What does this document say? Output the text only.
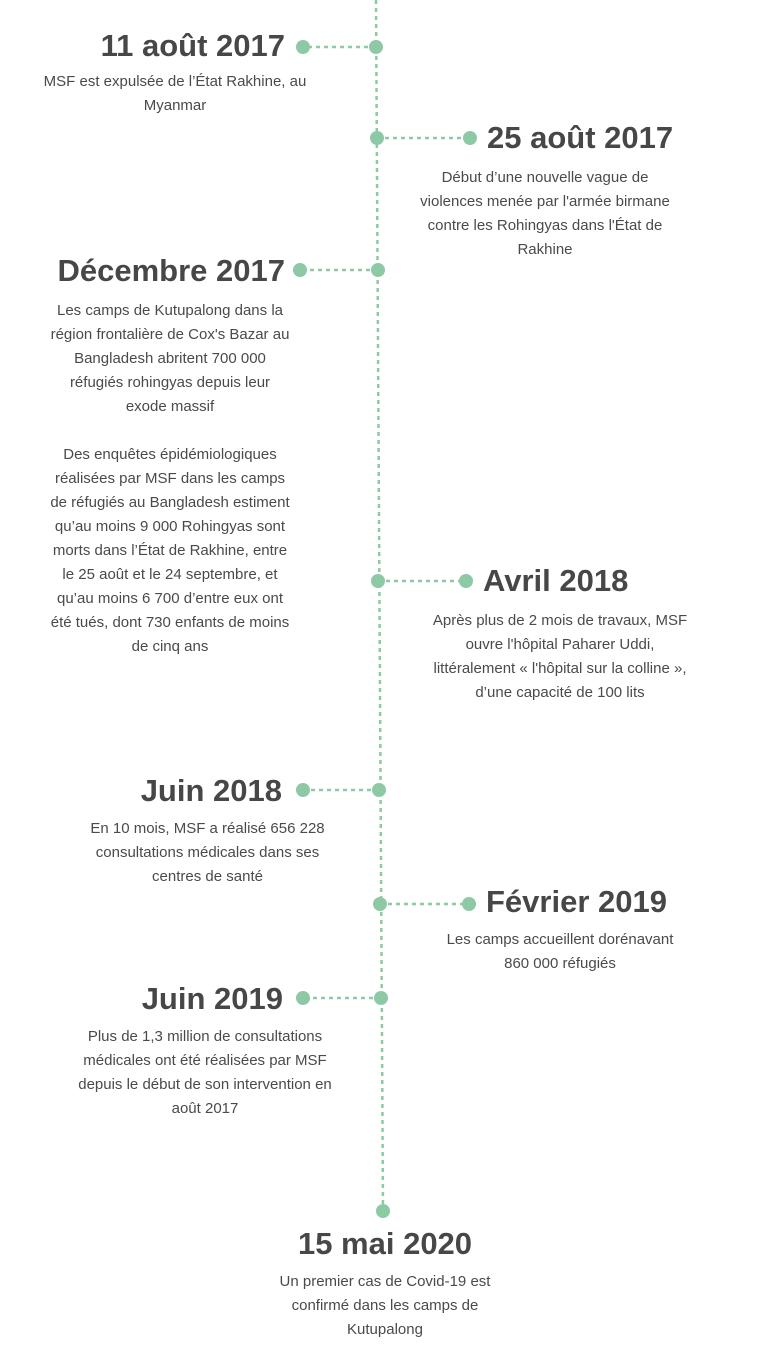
11 août 2017
MSF est expulsée de l’État Rakhine, au
Myanmar
25 août 2017
Début d’une nouvelle vague de
violences menée par l'armée birmane
contre les Rohingyas dans l'État de
Rakhine
Décembre 2017
Les camps de Kutupalong dans la
région frontalière de Cox's Bazar au
Bangladesh abritent 700 000
réfugiés rohingyas depuis leur
exode massif

Des enquêtes épidémiologiques
réalisées par MSF dans les camps
de réfugiés au Bangladesh estiment
qu’au moins 9 000 Rohingyas sont
morts dans l’État de Rakhine, entre
le 25 août et le 24 septembre, et
qu’au moins 6 700 d’entre eux ont
été tués, dont 730 enfants de moins
de cinq ans
Avril 2018
Après plus de 2 mois de travaux, MSF
ouvre l'hôpital Paharer Uddi,
littéralement « l'hôpital sur la colline »,
d’une capacité de 100 lits
Juin 2018
En 10 mois, MSF a réalisé 656 228
consultations médicales dans ses
centres de santé
Février 2019
Les camps accueillent dorénavant
860 000 réfugiés
Juin 2019
Plus de 1,3 million de consultations
médicales ont été réalisées par MSF
depuis le début de son intervention en
août 2017
15 mai 2020
Un premier cas de Covid-19 est
confirmé dans les camps de
Kutupalong
